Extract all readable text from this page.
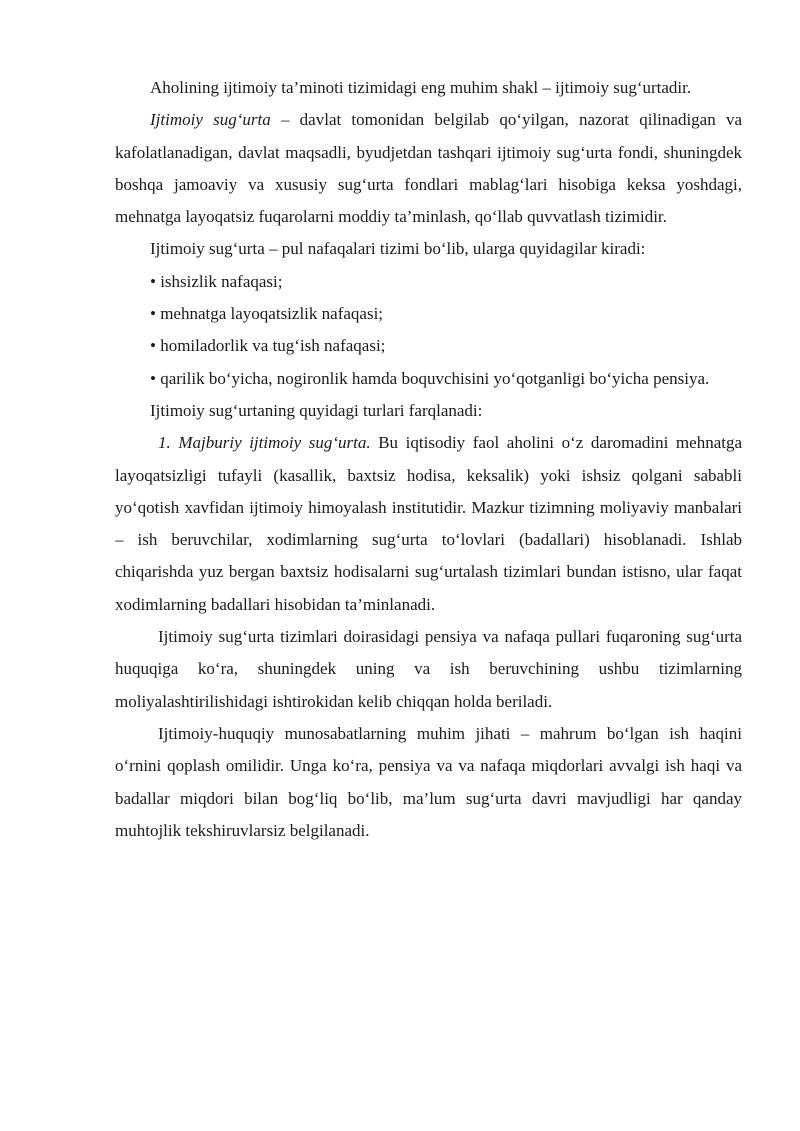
Aholining ijtimoiy ta’minoti tizimidagi eng muhim shakl – ijtimoiy sug‘urtadir.

Ijtimoiy sug‘urta – davlat tomonidan belgilab qo‘yilgan, nazorat qilinadigan va kafolatlanadigan, davlat maqsadli, byudjetdan tashqari ijtimoiy sug‘urta fondi, shuningdek boshqa jamoaviy va xususiy sug‘urta fondlari mablag‘lari hisobiga keksa yoshdagi, mehnatga layoqatsiz fuqarolarni moddiy ta’minlash, qo‘llab quvvatlash tizimidir.

Ijtimoiy sug‘urta – pul nafaqalari tizimi bo‘lib, ularga quyidagilar kiradi:

• ishsizlik nafaqasi;

• mehnatga layoqatsizlik nafaqasi;

• homiladorlik va tug‘ish nafaqasi;

• qarilik bo‘yicha, nogironlik hamda boquvchisini yo‘qotganligi bo‘yicha pensiya.

Ijtimoiy sug‘urtaning quyidagi turlari farqlanadi:

1. Majburiy ijtimoiy sug‘urta. Bu iqtisodiy faol aholini o‘z daromadini mehnatga layoqatsizligi tufayli (kasallik, baxtsiz hodisa, keksalik) yoki ishsiz qolgani sababli yo‘qotish xavfidan ijtimoiy himoyalash institutidir. Mazkur tizimning moliyaviy manbalari – ish beruvchilar, xodimlarning sug‘urta to‘lovlari (badallari) hisoblanadi. Ishlab chiqarishda yuz bergan baxtsiz hodisalarni sug‘urtalash tizimlari bundan istisno, ular faqat xodimlarning badallari hisobidan ta’minlanadi.

Ijtimoiy sug‘urta tizimlari doirasidagi pensiya va nafaqa pullari fuqaroning sug‘urta huquqiga ko‘ra, shuningdek uning va ish beruvchining ushbu tizimlarning moliyalashtirilishidagi ishtirokidan kelib chiqqan holda beriladi.

Ijtimoiy-huquqiy munosabatlarning muhim jihati – mahrum bo‘lgan ish haqini o‘rnini qoplash omilidir. Unga ko‘ra, pensiya va va nafaqa miqdorlari avvalgi ish haqi va badallar miqdori bilan bog‘liq bo‘lib, ma’lum sug‘urta davri mavjudligi har qanday muhtojlik tekshiruvlarsiz belgilanadi.
